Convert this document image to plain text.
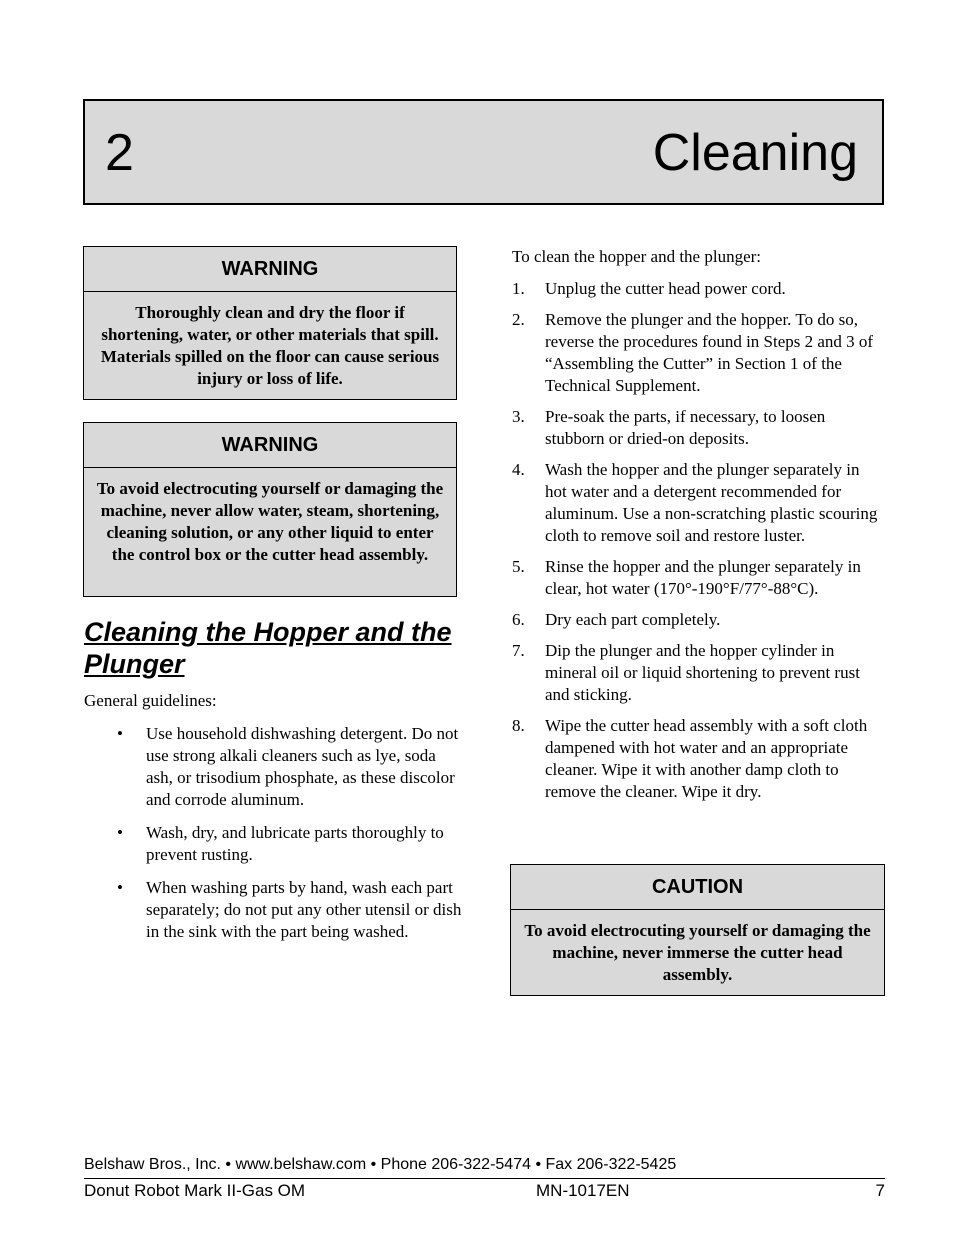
2	Cleaning
WARNING
Thoroughly clean and dry the floor if shortening, water, or other materials that spill. Materials spilled on the floor can cause serious injury or loss of life.
WARNING
To avoid electrocuting yourself or damaging the machine, never allow water, steam, shortening, cleaning solution, or any other liquid to enter the control box or the cutter head assembly.
Cleaning the Hopper and the Plunger
General guidelines:
• Use household dishwashing detergent. Do not use strong alkali cleaners such as lye, soda ash, or trisodium phosphate, as these discolor and corrode aluminum.
• Wash, dry, and lubricate parts thoroughly to prevent rusting.
• When washing parts by hand, wash each part separately; do not put any other utensil or dish in the sink with the part being washed.
To clean the hopper and the plunger:
1. Unplug the cutter head power cord.
2. Remove the plunger and the hopper. To do so, reverse the procedures found in Steps 2 and 3 of “Assembling the Cutter” in Section 1 of the Technical Supplement.
3. Pre-soak the parts, if necessary, to loosen stubborn or dried-on deposits.
4. Wash the hopper and the plunger separately in hot water and a detergent recommended for aluminum. Use a non-scratching plastic scouring cloth to remove soil and restore luster.
5. Rinse the hopper and the plunger separately in clear, hot water (170°-190°F/77°-88°C).
6. Dry each part completely.
7. Dip the plunger and the hopper cylinder in mineral oil or liquid shortening to prevent rust and sticking.
8. Wipe the cutter head assembly with a soft cloth dampened with hot water and an appropriate cleaner. Wipe it with another damp cloth to remove the cleaner. Wipe it dry.
CAUTION
To avoid electrocuting yourself or damaging the machine, never immerse the cutter head assembly.
Belshaw Bros., Inc. • www.belshaw.com • Phone 206-322-5474 • Fax 206-322-5425
Donut Robot Mark II-Gas OM	MN-1017EN	7
